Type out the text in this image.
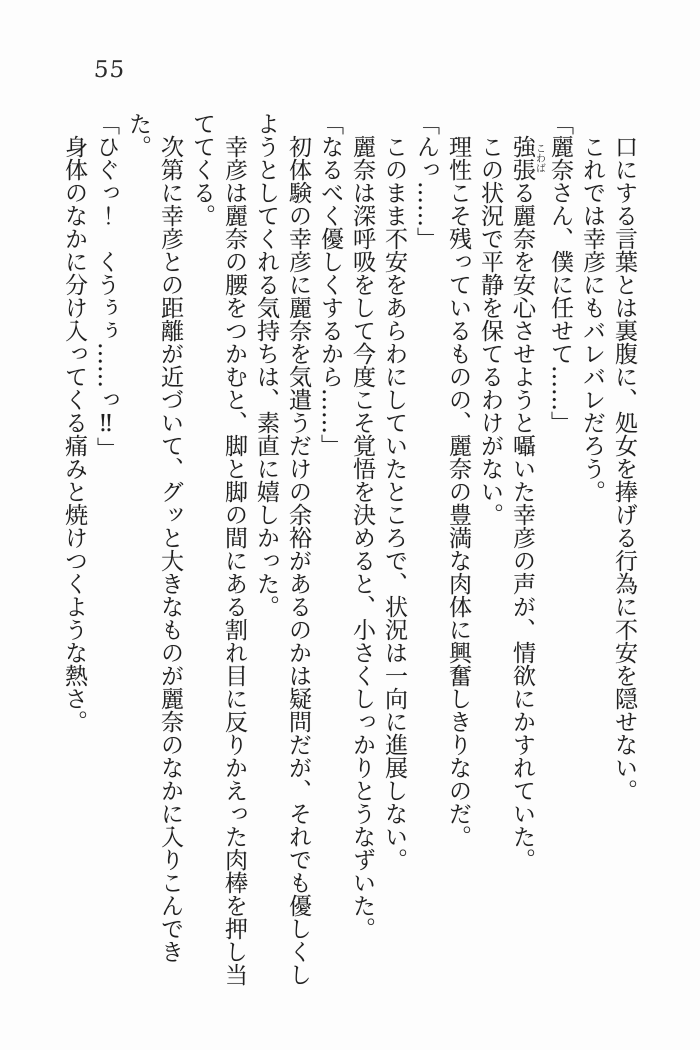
55

口にする言葉とは裏腹に、処女を捧げる行為に不安を隠せない。

これでは幸彦にもバレバレだろう。

「麗奈さん、僕に任せて……」

強張こわばる麗奈を安心させようと囁いた幸彦の声が、情欲にかすれていた。

この状況で平静を保てるわけがない。

理性こそ残っているものの、麗奈の豊満な肉体に興奮しきりなのだ。

「んっ……」

このまま不安をあらわにしていたところで、状況は一向に進展しない。

麗奈は深呼吸をして今度こそ覚悟を決めると、小さくしっかりとうなずいた。

「なるべく優しくするから……」

初体験の幸彦に麗奈を気遣うだけの余裕があるのかは疑問だが、それでも優しくしようとしてくれる気持ちは、素直に嬉しかった。

幸彦は麗奈の腰をつかむと、脚と脚の間にある割れ目に反りかえった肉棒を押し当ててくる。

次第に幸彦との距離が近づいて、グッと大きなものが麗奈のなかに入りこんできた。

「ひぐっ！　くうぅぅ……っ‼」

身体のなかに分け入ってくる痛みと焼けつくような熱さ。
